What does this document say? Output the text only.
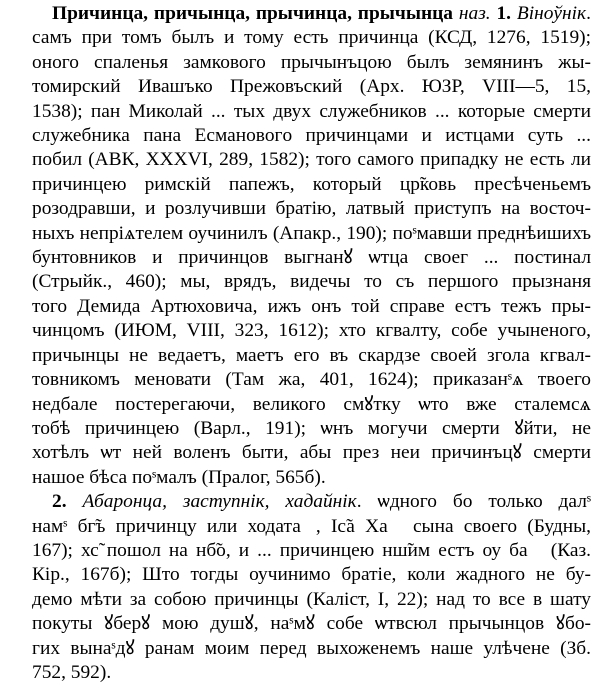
Причинца, причынца, прычинца, прычынца наз. 1. Віноўнік.
самъ при томъ былъ и тому есть причинца (КСД, 1276, 1519);
оного спаленья замкового прычынъцою былъ земянинъ жы-
томирский Ивашъко Прежовъский (Арх. ЮЗР, VIII—5, 15,
1538); пан Миколай ... тых двух служебников ... которые смерти
служебника пана Есмановогo причинцами и истцами суть ...
побил (АВК, XXXVI, 289, 1582); того самого припадку не есть ли
причинцею римскiй папежъ, который цр̃ковь пресѣченьемъ
розодравши, и розлучивши братiю, латвый приступъ на восточ-
ныхъ непрiѧтелем оучинилъ (Апакр., 190); поˢмавши преднѣишихъ
бунтовников и причинцов выгнанꙋ ѡтца своег ... постинал
(Стрыйк., 460); мы, врядъ, видечы то съ першого прызнаня
того Демида Артюховича, ижъ онъ той справе естъ тежъ пры-
чинцомъ (ИЮМ, VIII, 323, 1612); хто кгвалту, собе учыненого,
причынцы не ведаетъ, маетъ его въ скардзе своей зголa кгвал-
товникомъ меновати (Там жа, 401, 1624); приказанˢѧ твоего
недбале постерегаючи, великого смꙋтку ѡто вже сталемсѧ
тобѣ причинцею (Варл., 191); ѡнъ могучи смерти ꙋйти, не
хотѣлъ ѡт ней воленъ быти, абы през неи причинъцꙋ смерти
нашое бѣса поˢмалъ (Пралог, 565б).
2. Абаронца, заступнік, хадайнік. ѡдного бо только далˢ
намˢ бг̃ъ причинцу или ходатаꙵ, Іс̃а Хаꙵ сына своего (Будны,
167); хс̃ пошол на нб̃о, и ... причинцею нш̃им естъ оу баꙵ (Каз.
Кір., 167б); Што тогды оучинимо братiе, коли жадного не бу-
демо мѣти за собою причинцы (Каліст, I, 22); над то все в шату
покуты ꙋберꙋ мою душꙋ, наˢмꙋ собе ѡтвсюл прычынцов ꙋбо-
гих вынаˢдꙋ ранам моим перед выхоженемъ наше улѣчене (Зб.
752, 592).
